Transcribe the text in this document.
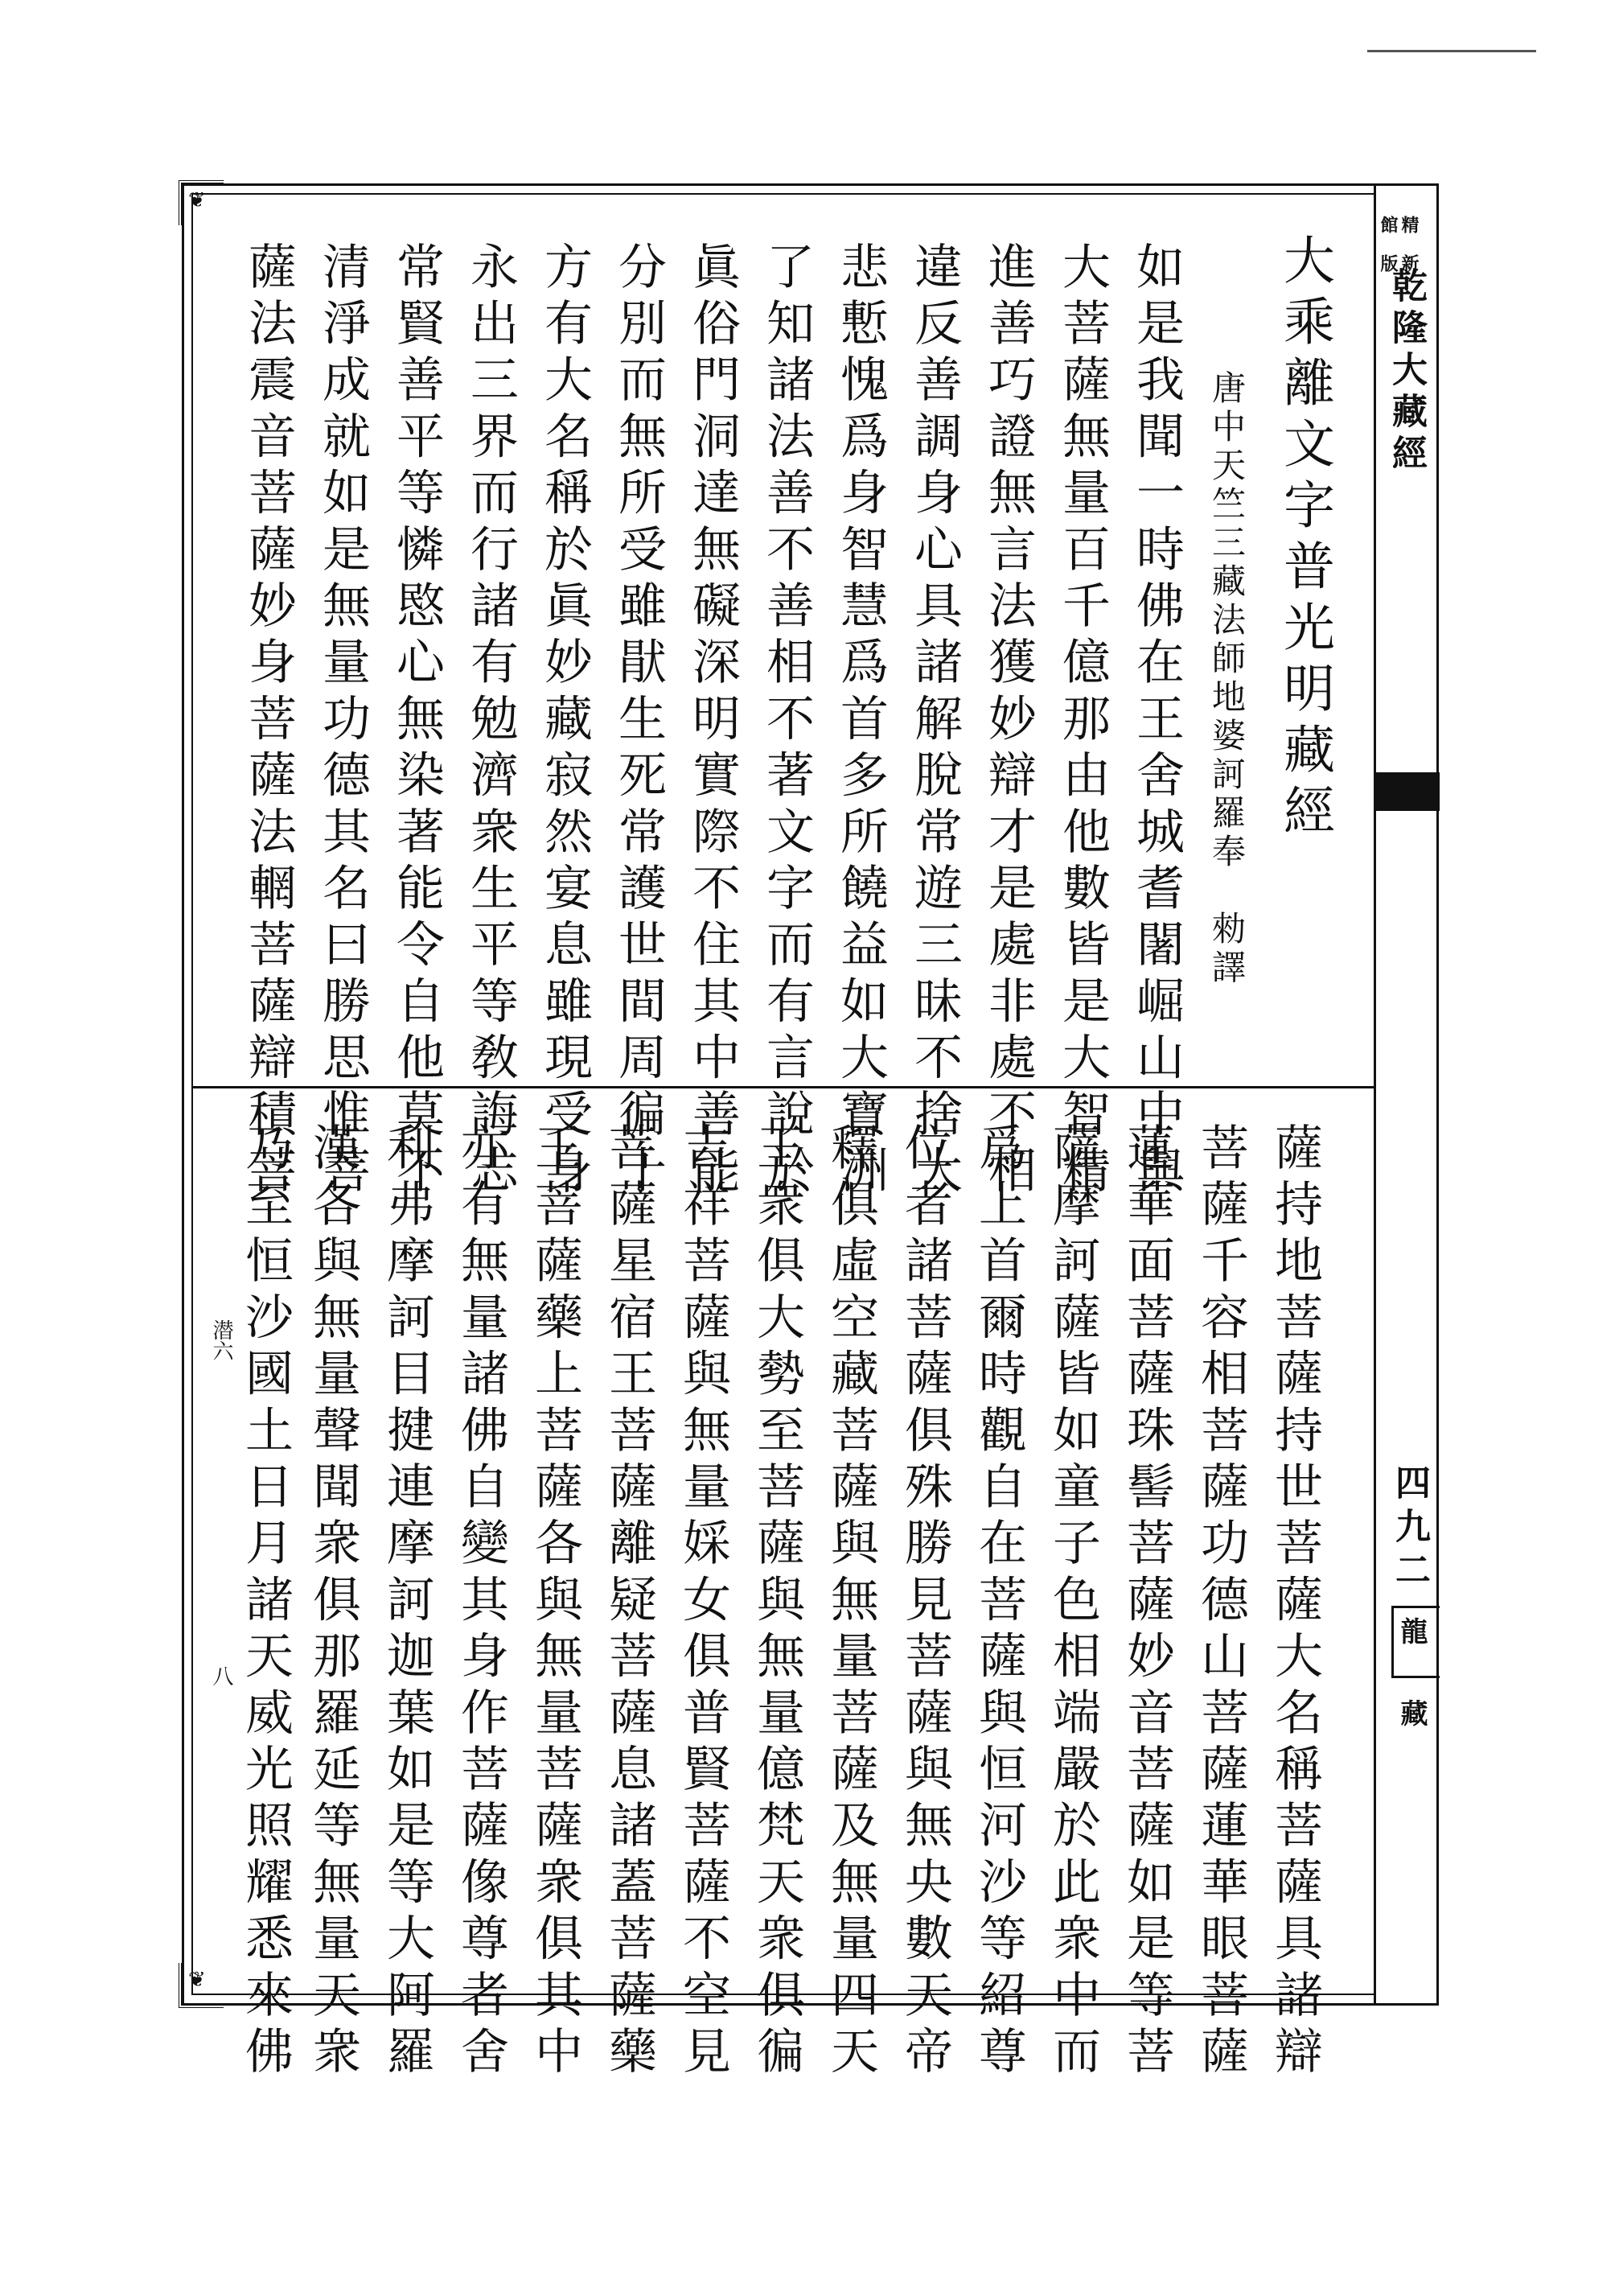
❦
❦
精 新
館 版
乾隆大藏經
四九二
龍 藏
大乘離文字普光明藏經
唐中天竺三藏法師地婆訶羅奉　勑譯
如是我聞一時佛在王舍城耆闍崛山中與
大菩薩無量百千億那由他數皆是大智精
進善巧證無言法獲妙辯才是處非處不相
違反善調身心具諸解脫常遊三昧不捨大
悲慙愧爲身智慧爲首多所饒益如大寶洲
了知諸法善不善相不著文字而有言說於
眞俗門洞達無礙深明實際不住其中善能
分別而無所受雖猒生死常護世間周徧十
方有大名稱於眞妙藏寂然宴息雖現受身
永出三界而行諸有勉濟衆生平等敎誨志
常賢善平等憐愍心無染著能令自他莫不
清淨成就如是無量功德其名曰勝思惟菩
薩法震音菩薩妙身菩薩法輞菩薩辯積菩
薩持地菩薩持世菩薩大名稱菩薩具諸辯
菩薩千容相菩薩功德山菩薩蓮華眼菩薩
蓮華面菩薩珠髻菩薩妙音菩薩如是等菩
薩摩訶薩皆如童子色相端嚴於此衆中而
爲上首爾時觀自在菩薩與恒河沙等紹尊
位者諸菩薩俱殊勝見菩薩與無央數天帝
釋俱虛空藏菩薩與無量菩薩及無量四天
王衆俱大勢至菩薩與無量億梵天衆俱徧
吉祥菩薩與無量婇女俱普賢菩薩不空見
菩薩星宿王菩薩離疑菩薩息諸蓋菩薩藥
王菩薩藥上菩薩各與無量菩薩衆俱其中
亦有無量諸佛自變其身作菩薩像尊者舍
利弗摩訶目揵連摩訶迦葉如是等大阿羅
漢各與無量聲聞衆俱那羅延等無量天衆
乃至恒沙國土日月諸天威光照耀悉來佛
潜六
八
